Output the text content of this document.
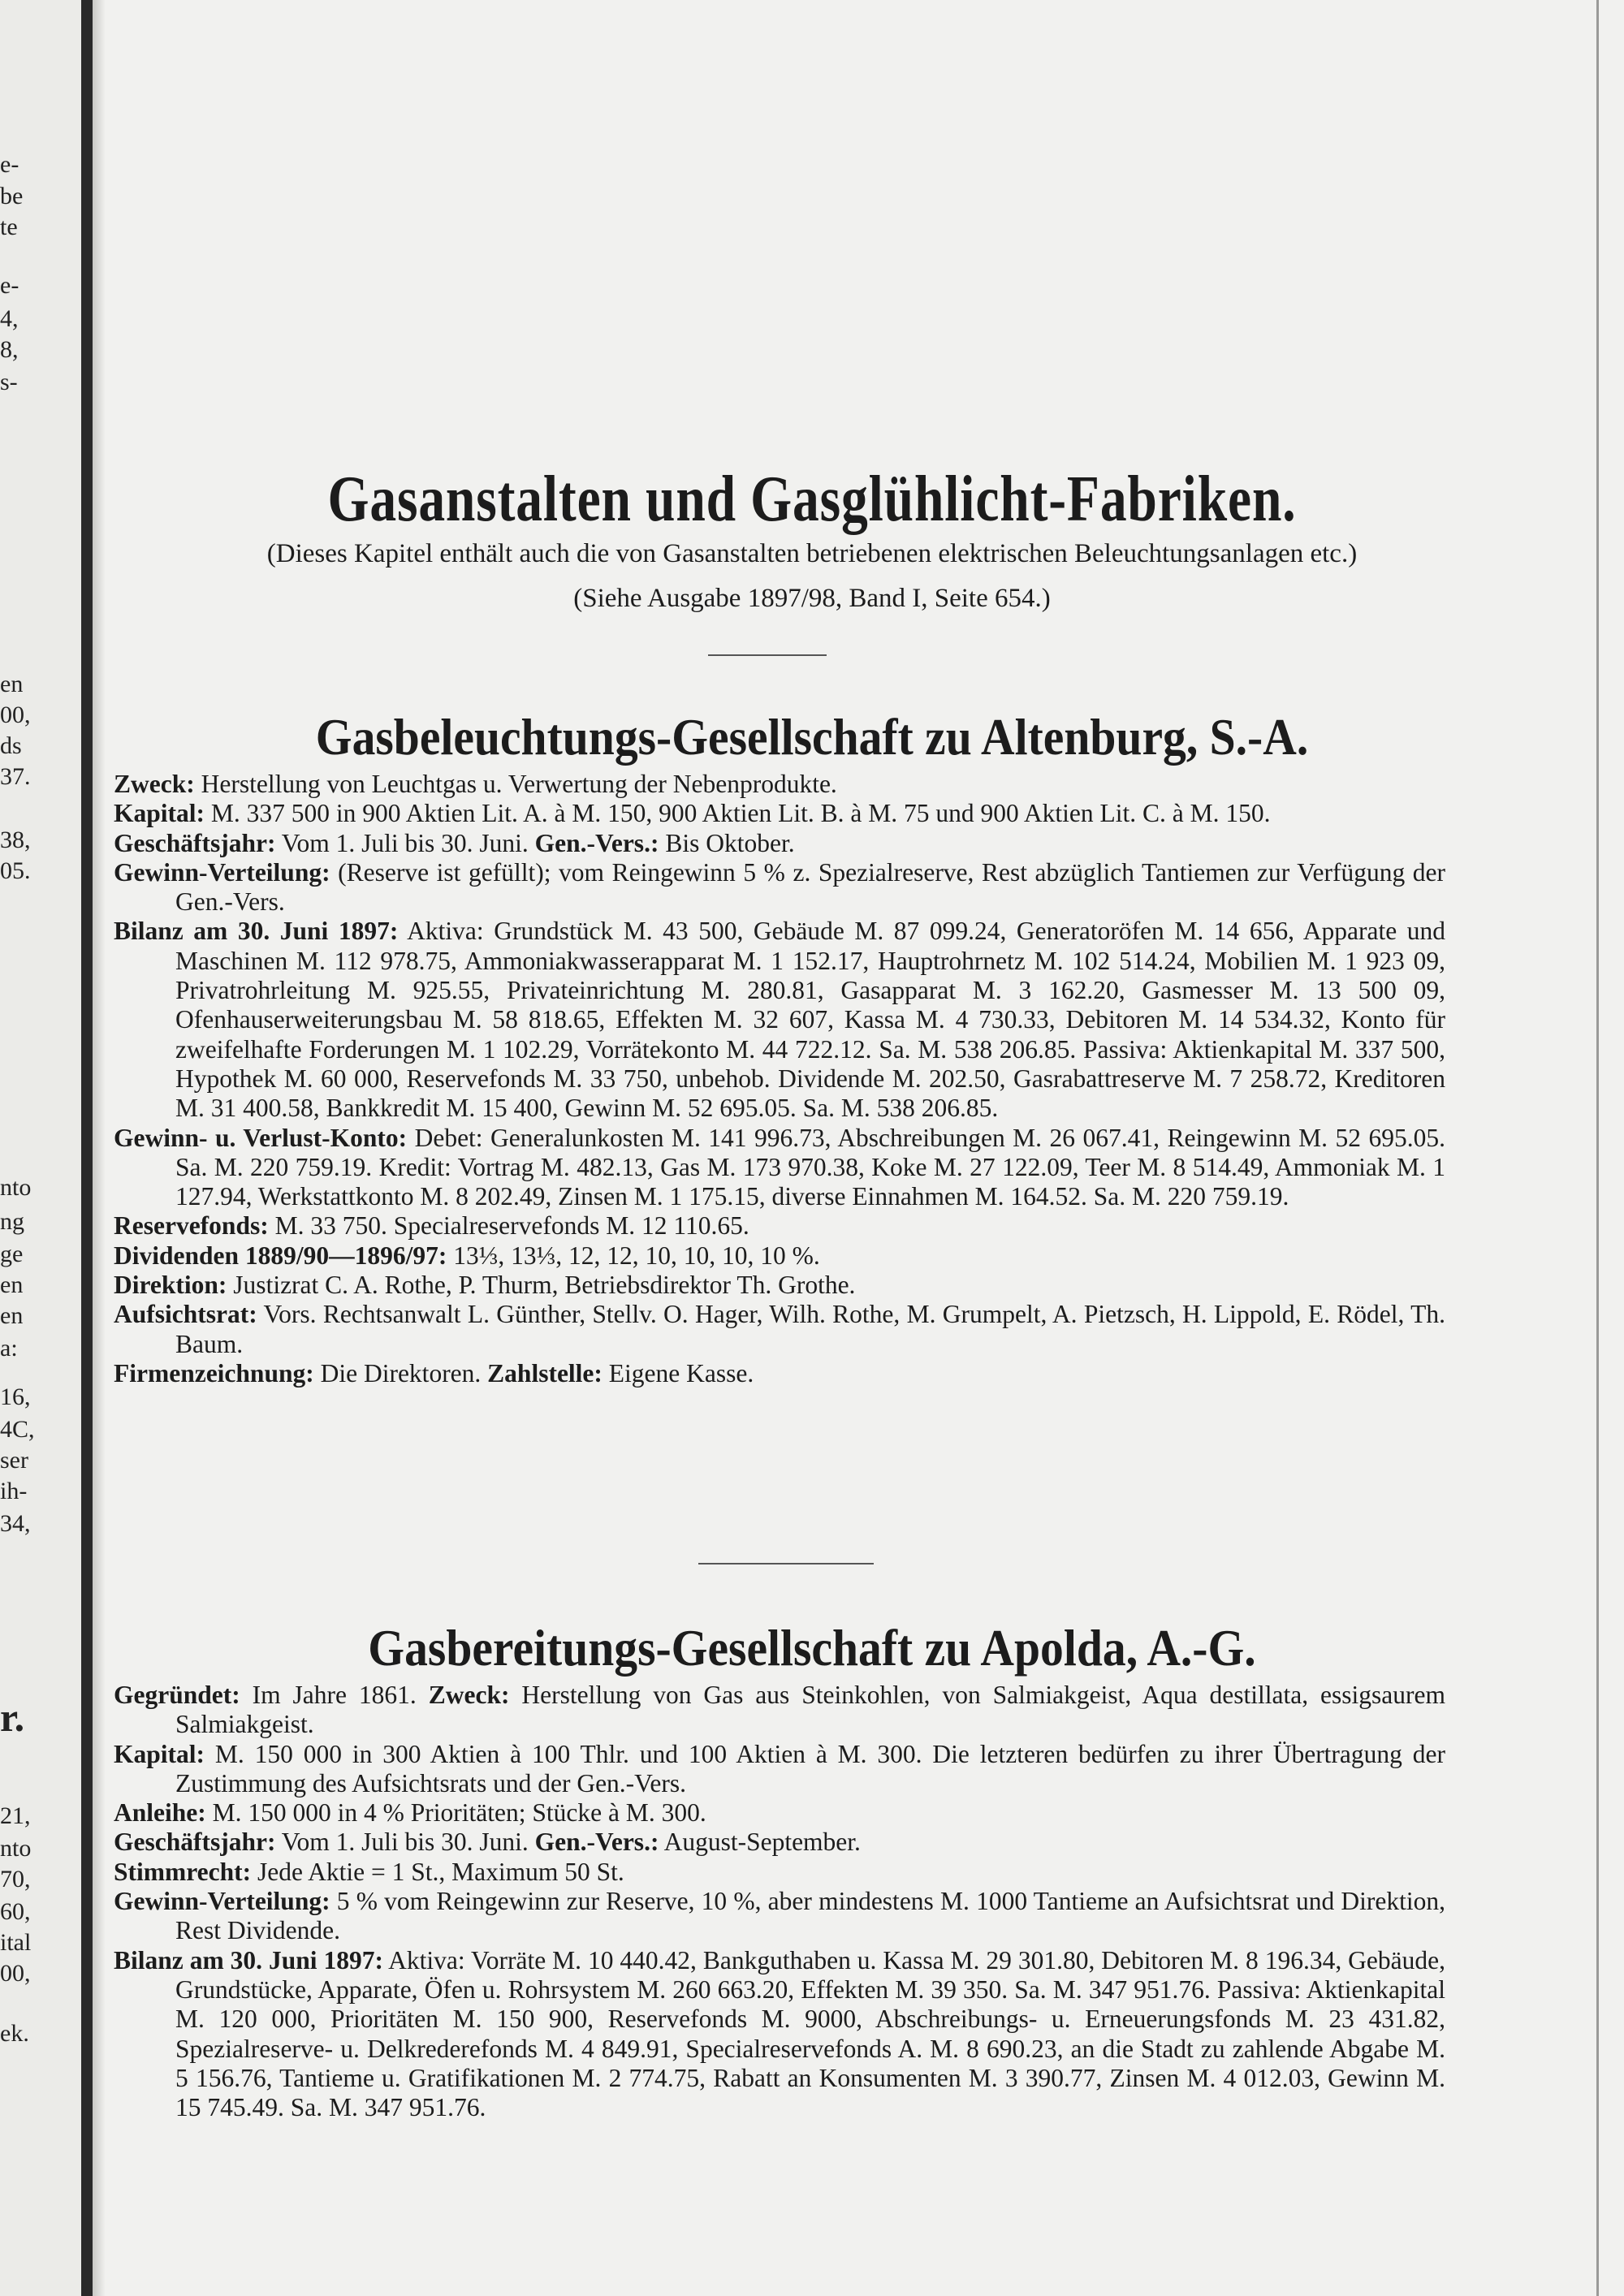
e-
be
te
e-
4,
8,
s-
en
00,
ds
37.
38,
05.
nto
ng
ge
en
en
a:
16,
4C,
ser
ih-
34,
r.
21,
nto
70,
60,
ital
00,
ek.
Gasanstalten und Gasglühlicht-Fabriken.
(Dieses Kapitel enthält auch die von Gasanstalten betriebenen elektrischen Beleuchtungsanlagen etc.)
(Siehe Ausgabe 1897/98, Band I, Seite 654.)
Gasbeleuchtungs-Gesellschaft zu Altenburg, S.-A.

Zweck: Herstellung von Leuchtgas u. Verwertung der Nebenprodukte.

Kapital: M. 337 500 in 900 Aktien Lit. A. à M. 150, 900 Aktien Lit. B. à M. 75 und 900 Aktien Lit. C. à M. 150.

Geschäftsjahr: Vom 1. Juli bis 30. Juni. Gen.-Vers.: Bis Oktober.

Gewinn-Verteilung: (Reserve ist gefüllt); vom Reingewinn 5 % z. Spezialreserve, Rest abzüglich Tantiemen zur Verfügung der Gen.-Vers.

Bilanz am 30. Juni 1897: Aktiva: Grundstück M. 43 500, Gebäude M. 87 099.24, Generatoröfen M. 14 656, Apparate und Maschinen M. 112 978.75, Ammoniakwasserapparat M. 1 152.17, Hauptrohrnetz M. 102 514.24, Mobilien M. 1 923 09, Privatrohrleitung M. 925.55, Privateinrichtung M. 280.81, Gasapparat M. 3 162.20, Gasmesser M. 13 500 09, Ofenhauserweiterungsbau M. 58 818.65, Effekten M. 32 607, Kassa M. 4 730.33, Debitoren M. 14 534.32, Konto für zweifelhafte Forderungen M. 1 102.29, Vorrätekonto M. 44 722.12. Sa. M. 538 206.85. Passiva: Aktienkapital M. 337 500, Hypothek M. 60 000, Reservefonds M. 33 750, unbehob. Dividende M. 202.50, Gasrabattreserve M. 7 258.72, Kreditoren M. 31 400.58, Bankkredit M. 15 400, Gewinn M. 52 695.05. Sa. M. 538 206.85.

Gewinn- u. Verlust-Konto: Debet: Generalunkosten M. 141 996.73, Abschreibungen M. 26 067.41, Reingewinn M. 52 695.05. Sa. M. 220 759.19. Kredit: Vortrag M. 482.13, Gas M. 173 970.38, Koke M. 27 122.09, Teer M. 8 514.49, Ammoniak M. 1 127.94, Werkstattkonto M. 8 202.49, Zinsen M. 1 175.15, diverse Einnahmen M. 164.52. Sa. M. 220 759.19.

Reservefonds: M. 33 750. Specialreservefonds M. 12 110.65.

Dividenden 1889/90—1896/97: 13⅓, 13⅓, 12, 12, 10, 10, 10, 10 %.

Direktion: Justizrat C. A. Rothe, P. Thurm, Betriebsdirektor Th. Grothe.

Aufsichtsrat: Vors. Rechtsanwalt L. Günther, Stellv. O. Hager, Wilh. Rothe, M. Grumpelt, A. Pietzsch, H. Lippold, E. Rödel, Th. Baum.

Firmenzeichnung: Die Direktoren. Zahlstelle: Eigene Kasse.

Gasbereitungs-Gesellschaft zu Apolda, A.-G.

Gegründet: Im Jahre 1861. Zweck: Herstellung von Gas aus Steinkohlen, von Salmiakgeist, Aqua destillata, essigsaurem Salmiakgeist.

Kapital: M. 150 000 in 300 Aktien à 100 Thlr. und 100 Aktien à M. 300. Die letzteren bedürfen zu ihrer Übertragung der Zustimmung des Aufsichtsrats und der Gen.-Vers.

Anleihe: M. 150 000 in 4 % Prioritäten; Stücke à M. 300.

Geschäftsjahr: Vom 1. Juli bis 30. Juni. Gen.-Vers.: August-September.

Stimmrecht: Jede Aktie = 1 St., Maximum 50 St.

Gewinn-Verteilung: 5 % vom Reingewinn zur Reserve, 10 %, aber mindestens M. 1000 Tantieme an Aufsichtsrat und Direktion, Rest Dividende.

Bilanz am 30. Juni 1897: Aktiva: Vorräte M. 10 440.42, Bankguthaben u. Kassa M. 29 301.80, Debitoren M. 8 196.34, Gebäude, Grundstücke, Apparate, Öfen u. Rohrsystem M. 260 663.20, Effekten M. 39 350. Sa. M. 347 951.76. Passiva: Aktienkapital M. 120 000, Prioritäten M. 150 900, Reservefonds M. 9000, Abschreibungs- u. Erneuerungsfonds M. 23 431.82, Spezialreserve- u. Delkrederefonds M. 4 849.91, Specialreservefonds A. M. 8 690.23, an die Stadt zu zahlende Abgabe M. 5 156.76, Tantieme u. Gratifikationen M. 2 774.75, Rabatt an Konsumenten M. 3 390.77, Zinsen M. 4 012.03, Gewinn M. 15 745.49. Sa. M. 347 951.76.
